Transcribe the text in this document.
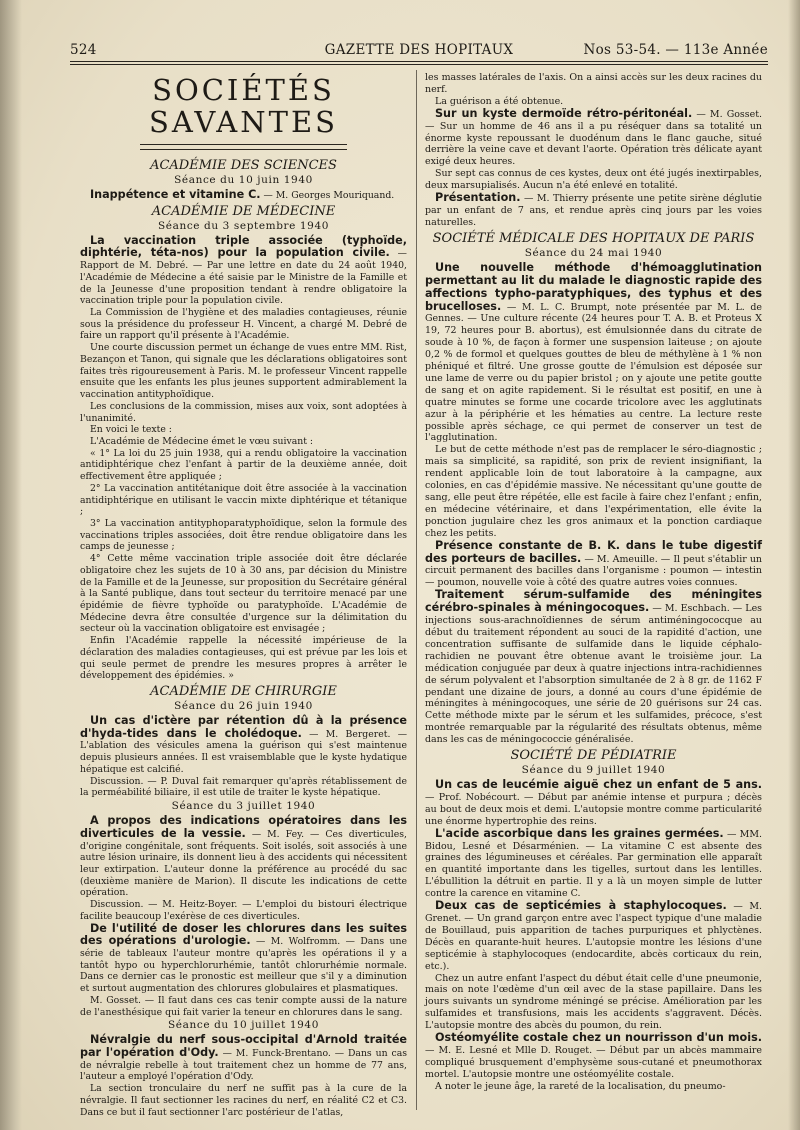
524	GAZETTE DES HOPITAUX	Nos 53-54. — 113e Année
SOCIÉTÉS SAVANTES
ACADÉMIE DES SCIENCES
Séance du 10 juin 1940

Inappétence et vitamine C. — M. Georges Mouriquand.

ACADÉMIE DE MÉDECINE
Séance du 3 septembre 1940

La vaccination triple associée (typhoïde, diphtérie, téta-nos) pour la population civile. — Rapport de M. Debré. — Par une lettre en date du 24 août 1940, l'Académie de Médecine a été saisie par le Ministre de la Famille et de la Jeunesse d'une proposition tendant à rendre obligatoire la vaccination triple pour la population civile.

La Commission de l'hygiène et des maladies contagieuses, réunie sous la présidence du professeur H. Vincent, a chargé M. Debré de faire un rapport qu'il présente à l'Académie.

Une courte discussion permet un échange de vues entre MM. Rist, Bezançon et Tanon, qui signale que les déclarations obligatoires sont faites très rigoureusement à Paris. M. le professeur Vincent rappelle ensuite que les enfants les plus jeunes supportent admirablement la vaccination antityphoïdique.

Les conclusions de la commission, mises aux voix, sont adoptées à l'unanimité.

En voici le texte :

L'Académie de Médecine émet le vœu suivant :

« 1° La loi du 25 juin 1938, qui a rendu obligatoire la vaccination antidiphtérique chez l'enfant à partir de la deuxième année, doit effectivement être appliquée ;

2° La vaccination antitétanique doit être associée à la vaccination antidiphtérique en utilisant le vaccin mixte diphtérique et tétanique ;

3° La vaccination antityphoparatyphoïdique, selon la formule des vaccinations triples associées, doit être rendue obligatoire dans les camps de jeunesse ;

4° Cette même vaccination triple associée doit être déclarée obligatoire chez les sujets de 10 à 30 ans, par décision du Ministre de la Famille et de la Jeunesse, sur proposition du Secrétaire général à la Santé publique, dans tout secteur du territoire menacé par une épidémie de fièvre typhoïde ou paratyphoïde. L'Académie de Médecine devra être consultée d'urgence sur la délimitation du secteur où la vaccination obligatoire est envisagée ;

Enfin l'Académie rappelle la nécessité impérieuse de la déclaration des maladies contagieuses, qui est prévue par les lois et qui seule permet de prendre les mesures propres à arrêter le développement des épidémies. »

ACADÉMIE DE CHIRURGIE
Séance du 26 juin 1940

Un cas d'ictère par rétention dû à la présence d'hyda-tides dans le cholédoque. — M. Bergeret. — L'ablation des vésicules amena la guérison qui s'est maintenue depuis plusieurs années. Il est vraisemblable que le kyste hydatique hépatique est calcifié.

Discussion. — P. Duval fait remarquer qu'après rétablissement de la perméabilité biliaire, il est utile de traiter le kyste hépatique.

Séance du 3 juillet 1940

A propos des indications opératoires dans les diverticules de la vessie. — M. Fey. — Ces diverticules, d'origine congénitale, sont fréquents. Soit isolés, soit associés à une autre lésion urinaire, ils donnent lieu à des accidents qui nécessitent leur extirpation. L'auteur donne la préférence au procédé du sac (deuxième manière de Marion). Il discute les indications de cette opération.

Discussion. — M. Heitz-Boyer. — L'emploi du bistouri électrique facilite beaucoup l'exérèse de ces diverticules.

De l'utilité de doser les chlorures dans les suites des opérations d'urologie. — M. Wolfromm. — Dans une série de tableaux l'auteur montre qu'après les opérations il y a tantôt hypo ou hyperchlorurhémie, tantôt chlorurhémie normale. Dans ce dernier cas le pronostic est meilleur que s'il y a diminution et surtout augmentation des chlorures globulaires et plasmatiques.

M. Gosset. — Il faut dans ces cas tenir compte aussi de la nature de l'anesthésique qui fait varier la teneur en chlorures dans le sang.

Séance du 10 juillet 1940

Névralgie du nerf sous-occipital d'Arnold traitée par l'opération d'Ody. — M. Funck-Brentano. — Dans un cas de névralgie rebelle à tout traitement chez un homme de 77 ans, l'auteur a employé l'opération d'Ody.

La section tronculaire du nerf ne suffit pas à la cure de la névralgie. Il faut sectionner les racines du nerf, en réalité C2 et C3. Dans ce but il faut sectionner l'arc postérieur de l'atlas,

les masses latérales de l'axis. On a ainsi accès sur les deux racines du nerf.

La guérison a été obtenue.

Sur un kyste dermoïde rétro-péritonéal. — M. Gosset. — Sur un homme de 46 ans il a pu réséquer dans sa totalité un énorme kyste repoussant le duodénum dans le flanc gauche, situé derrière la veine cave et devant l'aorte. Opération très délicate ayant exigé deux heures.

Sur sept cas connus de ces kystes, deux ont été jugés inextirpables, deux marsupialisés. Aucun n'a été enlevé en totalité.

Présentation. — M. Thierry présente une petite sirène déglutie par un enfant de 7 ans, et rendue après cinq jours par les voies naturelles.

SOCIÉTÉ MÉDICALE DES HOPITAUX DE PARIS
Séance du 24 mai 1940

Une nouvelle méthode d'hémoagglutination permettant au lit du malade le diagnostic rapide des affections typho-paratyphiques, des typhus et des brucelloses. — M. L. C. Brumpt, note présentée par M. L. de Gennes. — Une culture récente (24 heures pour T. A. B. et Proteus X 19, 72 heures pour B. abortus), est émulsionnée dans du citrate de soude à 10 %, de façon à former une suspension laiteuse ; on ajoute 0,2 % de formol et quelques gouttes de bleu de méthylène à 1 % non phéniqué et filtré. Une grosse goutte de l'émulsion est déposée sur une lame de verre ou du papier bristol ; on y ajoute une petite goutte de sang et on agite rapidement. Si le résultat est positif, en une à quatre minutes se forme une cocarde tricolore avec les agglutinats azur à la périphérie et les hématies au centre. La lecture reste possible après séchage, ce qui permet de conserver un test de l'agglutination.

Le but de cette méthode n'est pas de remplacer le séro-diagnostic ; mais sa simplicité, sa rapidité, son prix de revient insignifiant, la rendent applicable loin de tout laboratoire à la campagne, aux colonies, en cas d'épidémie massive. Ne nécessitant qu'une goutte de sang, elle peut être répétée, elle est facile à faire chez l'enfant ; enfin, en médecine vétérinaire, et dans l'expérimentation, elle évite la ponction jugulaire chez les gros animaux et la ponction cardiaque chez les petits.

Présence constante de B. K. dans le tube digestif des porteurs de bacilles. — M. Ameuille. — Il peut s'établir un circuit permanent des bacilles dans l'organisme : poumon — intestin — poumon, nouvelle voie à côté des quatre autres voies connues.

Traitement sérum-sulfamide des méningites cérébro-spinales à méningocoques. — M. Eschbach. — Les injections sous-arachnoïdiennes de sérum antiméningococque au début du traitement répondent au souci de la rapidité d'action, une concentration suffisante de sulfamide dans le liquide céphalo-rachidien ne pouvant être obtenue avant le troisième jour. La médication conjuguée par deux à quatre injections intra-rachidiennes de sérum polyvalent et l'absorption simultanée de 2 à 8 gr. de 1162 F pendant une dizaine de jours, a donné au cours d'une épidémie de méningites à méningocoques, une série de 20 guérisons sur 24 cas. Cette méthode mixte par le sérum et les sulfamides, précoce, s'est montrée remarquable par la régularité des résultats obtenus, même dans les cas de méningococcie généralisée.

SOCIÉTÉ DE PÉDIATRIE
Séance du 9 juillet 1940

Un cas de leucémie aiguë chez un enfant de 5 ans. — Prof. Nobécourt. — Début par anémie intense et purpura ; décès au bout de deux mois et demi. L'autopsie montre comme particularité une énorme hypertrophie des reins.

L'acide ascorbique dans les graines germées. — MM. Bidou, Lesné et Désarménien. — La vitamine C est absente des graines des légumineuses et céréales. Par germination elle apparaît en quantité importante dans les tigelles, surtout dans les lentilles. L'ébullition la détruit en partie. Il y a là un moyen simple de lutter contre la carence en vitamine C.

Deux cas de septicémies à staphylocoques. — M. Grenet. — Un grand garçon entre avec l'aspect typique d'une maladie de Bouillaud, puis apparition de taches purpuriques et phlyctènes. Décès en quarante-huit heures. L'autopsie montre les lésions d'une septicémie à staphylocoques (endocardite, abcès corticaux du rein, etc.).

Chez un autre enfant l'aspect du début était celle d'une pneumonie, mais on note l'œdème d'un œil avec de la stase papillaire. Dans les jours suivants un syndrome méningé se précise. Amélioration par les sulfamides et transfusions, mais les accidents s'aggravent. Décès. L'autopsie montre des abcès du poumon, du rein.

Ostéomyélite costale chez un nourrisson d'un mois. — M. E. Lesné et Mlle D. Rouget. — Début par un abcès mammaire compliqué brusquement d'emphysème sous-cutané et pneumothorax mortel. L'autopsie montre une ostéomyélite costale.

A noter le jeune âge, la rareté de la localisation, du pneumo-
